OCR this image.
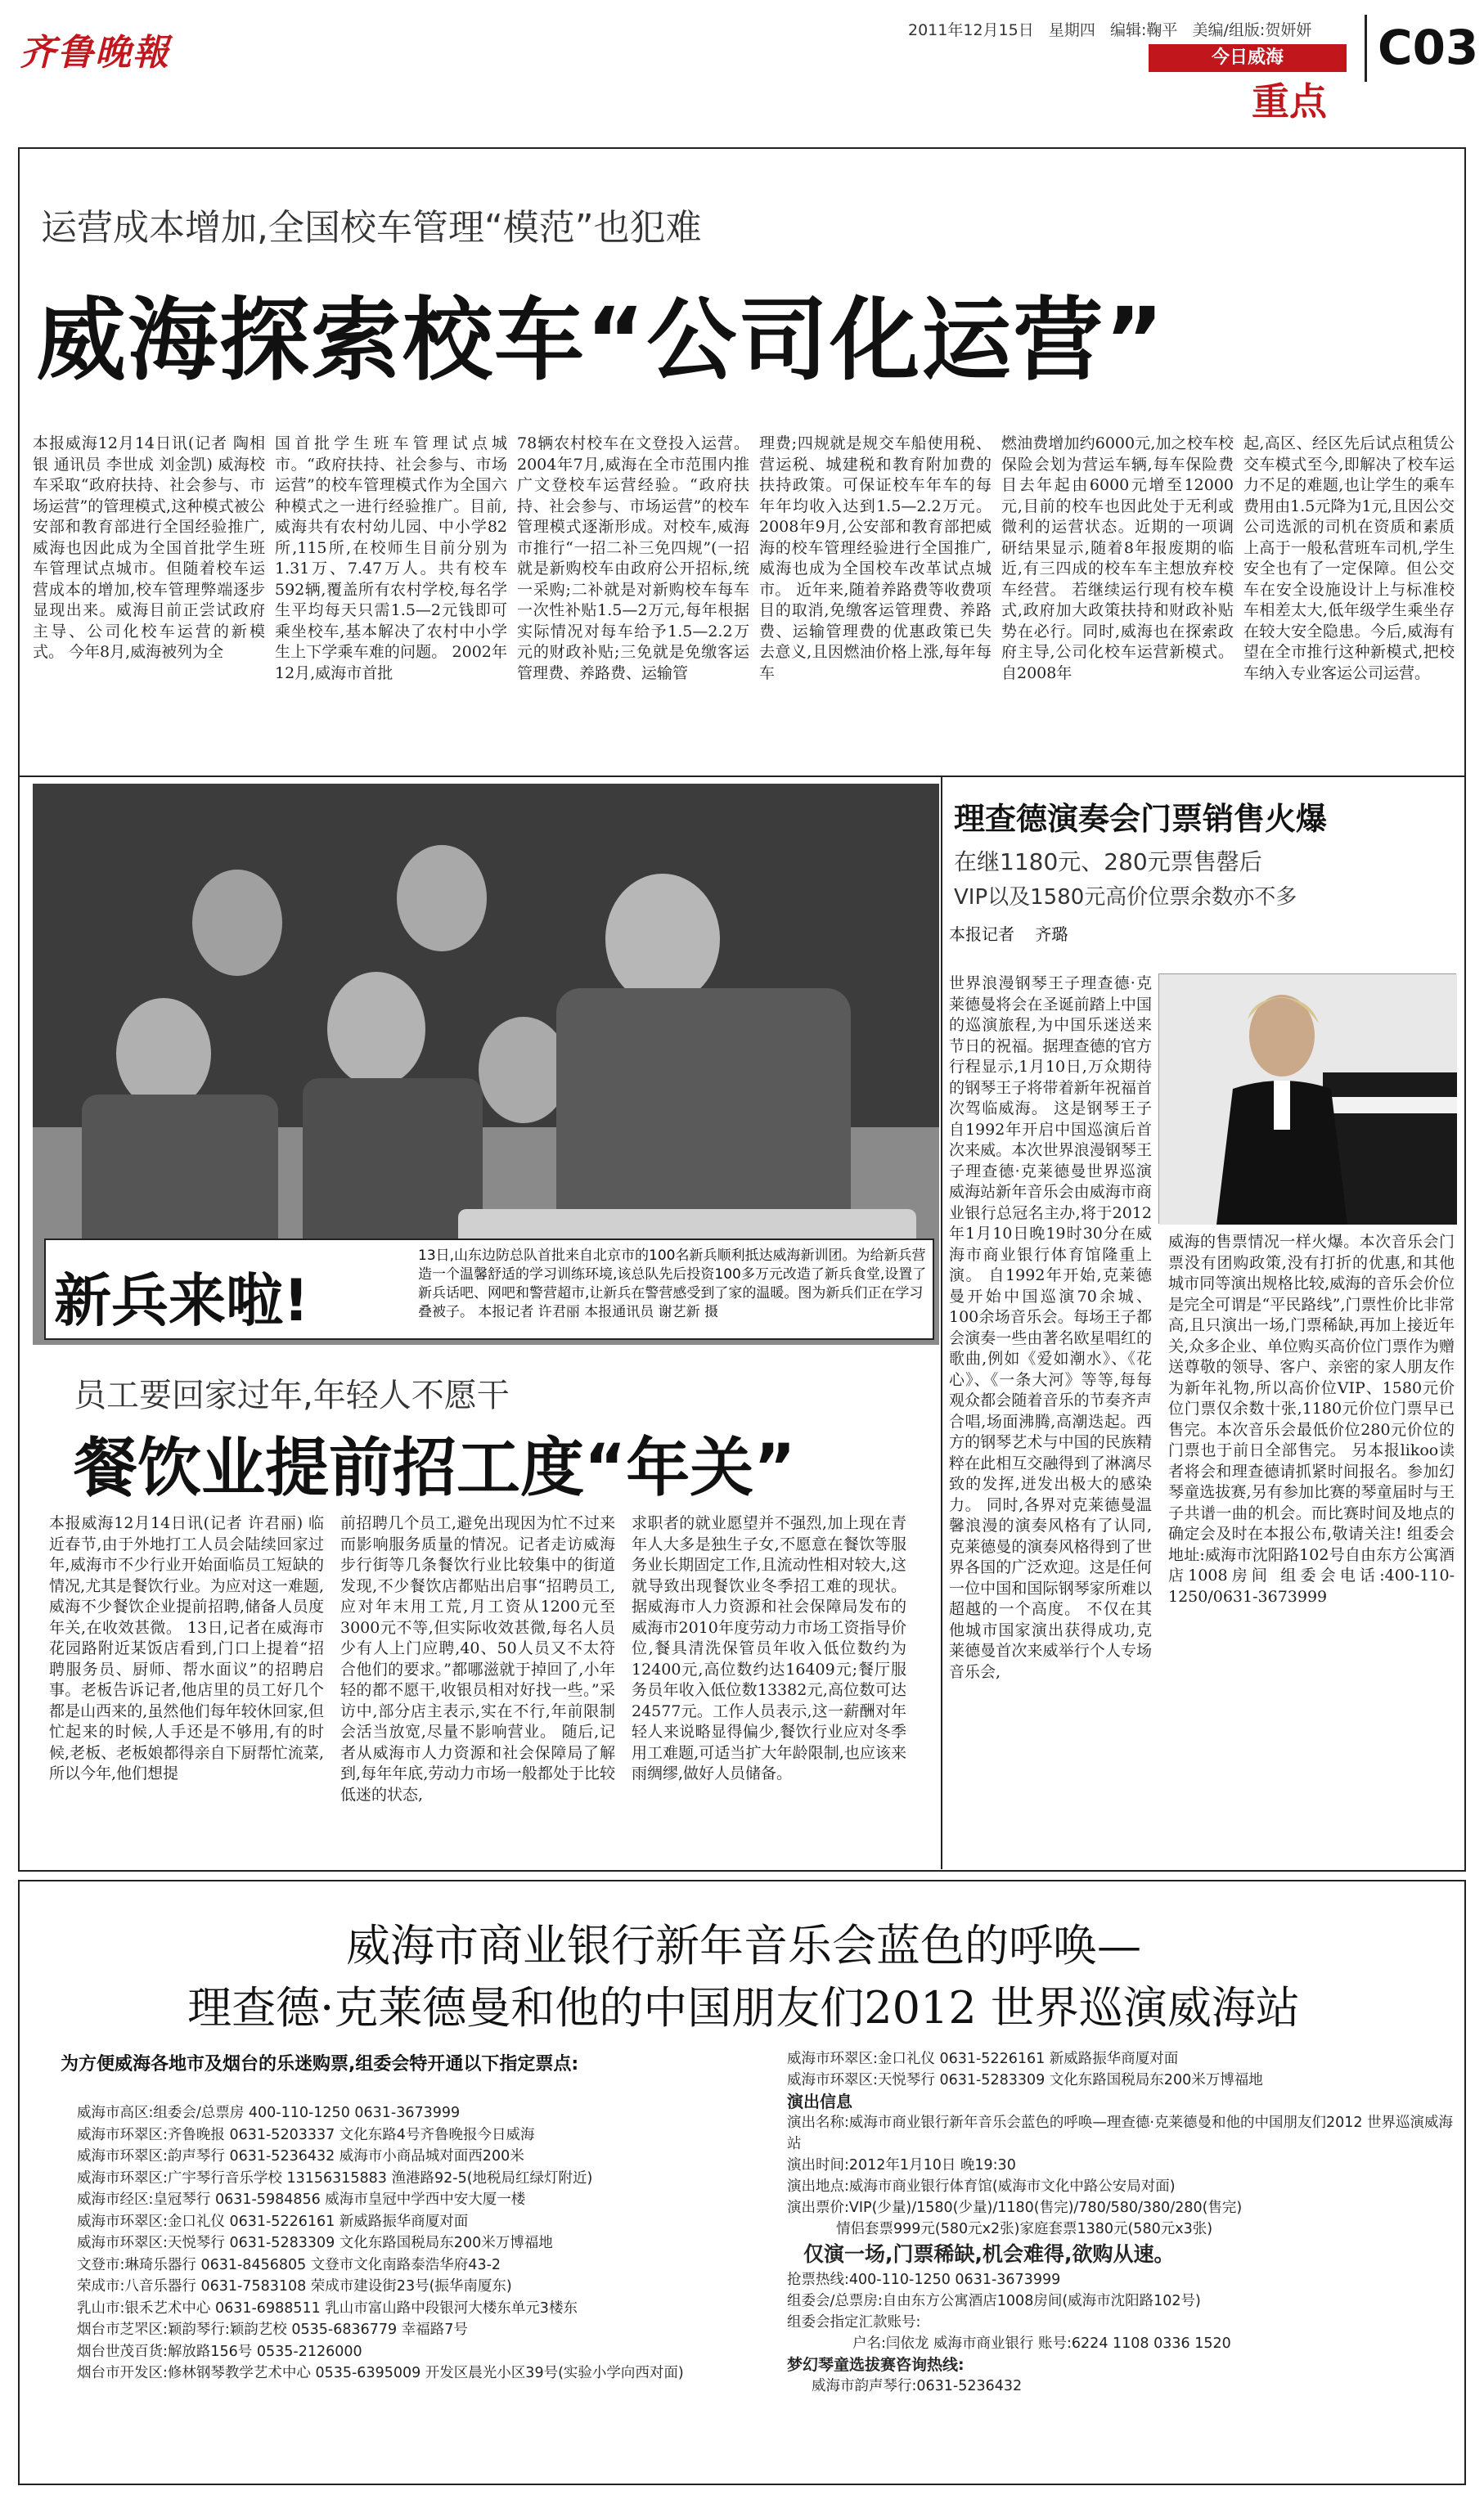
齐鲁晚報
2011年12月15日 星期四 编辑:鞠平 美编/组版:贺妍妍
今日威海
重点
C03
运营成本增加,全国校车管理“模范”也犯难
威海探索校车“公司化运营”
本报威海12月14日讯(记者 陶相银 通讯员 李世成 刘金凯) 威海校车采取“政府扶持、社会参与、市场运营”的管理模式,这种模式被公安部和教育部进行全国经验推广,威海也因此成为全国首批学生班车管理试点城市。但随着校车运营成本的增加,校车管理弊端逐步显现出来。威海目前正尝试政府主导、公司化校车运营的新模式。 今年8月,威海被列为全
国首批学生班车管理试点城市。“政府扶持、社会参与、市场运营”的校车管理模式作为全国六种模式之一进行经验推广。目前,威海共有农村幼儿园、中小学82所,115所,在校师生目前分别为1.31万、7.47万人。共有校车592辆,覆盖所有农村学校,每名学生平均每天只需1.5—2元钱即可乘坐校车,基本解决了农村中小学生上下学乘车难的问题。 2002年12月,威海市首批
78辆农村校车在文登投入运营。2004年7月,威海在全市范围内推广文登校车运营经验。“政府扶持、社会参与、市场运营”的校车管理模式逐渐形成。对校车,威海市推行“一招二补三免四规”(一招就是新购校车由政府公开招标,统一采购;二补就是对新购校车每车一次性补贴1.5—2万元,每年根据实际情况对每车给予1.5—2.2万元的财政补贴;三免就是免缴客运管理费、养路费、运输管
理费;四规就是规交车船使用税、营运税、城建税和教育附加费的扶持政策。可保证校车年车的每年年均收入达到1.5—2.2万元。2008年9月,公安部和教育部把威海的校车管理经验进行全国推广,威海也成为全国校车改革试点城市。 近年来,随着养路费等收费项目的取消,免缴客运管理费、养路费、运输管理费的优惠政策已失去意义,且因燃油价格上涨,每年每车
燃油费增加约6000元,加之校车校保险会划为营运车辆,每车保险费目去年起由6000元增至12000元,目前的校车也因此处于无利或微利的运营状态。近期的一项调研结果显示,随着8年报废期的临近,有三四成的校车车主想放弃校车经营。 若继续运行现有校车模式,政府加大政策扶持和财政补贴势在必行。同时,威海也在探索政府主导,公司化校车运营新模式。自2008年
起,高区、经区先后试点租赁公交车模式至今,即解决了校车运力不足的难题,也让学生的乘车费用由1.5元降为1元,且因公交公司选派的司机在资质和素质上高于一般私营班车司机,学生安全也有了一定保障。但公交车在安全设施设计上与标准校车相差太大,低年级学生乘坐存在较大安全隐患。今后,威海有望在全市推行这种新模式,把校车纳入专业客运公司运营。
新兵来啦!
13日,山东边防总队首批来自北京市的100名新兵顺利抵达威海新训团。为给新兵营造一个温馨舒适的学习训练环境,该总队先后投资100多万元改造了新兵食堂,设置了新兵话吧、网吧和警营超市,让新兵在警营感受到了家的温暖。图为新兵们正在学习叠被子。 本报记者 许君丽 本报通讯员 谢艺新 摄
员工要回家过年,年轻人不愿干
餐饮业提前招工度“年关”
本报威海12月14日讯(记者 许君丽) 临近春节,由于外地打工人员会陆续回家过年,威海市不少行业开始面临员工短缺的情况,尤其是餐饮行业。为应对这一难题,威海不少餐饮企业提前招聘,储备人员度年关,在收效甚微。 13日,记者在威海市花园路附近某饭店看到,门口上提着“招聘服务员、厨师、帮水面议”的招聘启事。老板告诉记者,他店里的员工好几个都是山西来的,虽然他们每年较休回家,但忙起来的时候,人手还是不够用,有的时候,老板、老板娘都得亲自下厨帮忙流菜,所以今年,他们想提
前招聘几个员工,避免出现因为忙不过来而影响服务质量的情况。记者走访威海步行街等几条餐饮行业比较集中的街道发现,不少餐饮店都贴出启事“招聘员工,应对年末用工荒,月工资从1200元至3000元不等,但实际收效甚微,每名人员少有人上门应聘,40、50人员又不太符合他们的要求。”都哪滋就于掉回了,小年轻的都不愿干,收银员相对好找一些。”采访中,部分店主表示,实在不行,年前限制会活当放宽,尽量不影响营业。 随后,记者从威海市人力资源和社会保障局了解到,每年年底,劳动力市场一般都处于比较低迷的状态,
求职者的就业愿望并不强烈,加上现在青年人大多是独生子女,不愿意在餐饮等服务业长期固定工作,且流动性相对较大,这就导致出现餐饮业冬季招工难的现状。 据威海市人力资源和社会保障局发布的威海市2010年度劳动力市场工资指导价位,餐具清洗保管员年收入低位数约为12400元,高位数约达16409元;餐厅服务员年收入低位数13382元,高位数可达24577元。工作人员表示,这一薪酬对年轻人来说略显得偏少,餐饮行业应对冬季用工难题,可适当扩大年龄限制,也应该来雨绸缪,做好人员储备。
理查德演奏会门票销售火爆
在继1180元、280元票售罄后
VIP以及1580元高价位票余数亦不多
本报记者    齐璐
世界浪漫钢琴王子理查德·克莱德曼将会在圣诞前踏上中国的巡演旅程,为中国乐迷送来节日的祝福。据理查德的官方行程显示,1月10日,万众期待的钢琴王子将带着新年祝福首次驾临威海。 这是钢琴王子自1992年开启中国巡演后首次来威。本次世界浪漫钢琴王子理查德·克莱德曼世界巡演威海站新年音乐会由威海市商业银行总冠名主办,将于2012年1月10日晚19时30分在威海市商业银行体育馆隆重上演。 自1992年开始,克莱德曼开始中国巡演70余城、100余场音乐会。每场王子都会演奏一些由著名欧星唱红的歌曲,例如《爱如潮水》、《花心》、《一条大河》等等,每每观众都会随着音乐的节奏齐声合唱,场面沸腾,高潮迭起。西方的钢琴艺术与中国的民族精粹在此相互交融得到了淋漓尽致的发挥,迸发出极大的感染力。 同时,各界对克莱德曼温馨浪漫的演奏风格有了认同,克莱德曼的演奏风格得到了世界各国的广泛欢迎。这是任何一位中国和国际钢琴家所难以超越的一个高度。 不仅在其他城市国家演出获得成功,克莱德曼首次来威举行个人专场音乐会,
威海的售票情况一样火爆。本次音乐会门票没有团购政策,没有打折的优惠,和其他城市同等演出规格比较,威海的音乐会价位是完全可谓是“平民路线”,门票性价比非常高,且只演出一场,门票稀缺,再加上接近年关,众多企业、单位购买高价位门票作为赠送尊敬的领导、客户、亲密的家人朋友作为新年礼物,所以高价位VIP、1580元价位门票仅余数十张,1180元价位门票早已售完。本次音乐会最低价位280元价位的门票也于前日全部售完。 另本报likoo读者将会和理查德请抓紧时间报名。参加幻琴童选拔赛,另有参加比赛的琴童届时与王子共谱一曲的机会。而比赛时间及地点的确定会及时在本报公布,敬请关注! 组委会地址:威海市沈阳路102号自由东方公寓酒店1008房间 组委会电话:400-110-1250/0631-3673999
威海市商业银行新年音乐会蓝色的呼唤—
理查德·克莱德曼和他的中国朋友们2012 世界巡演威海站
为方便威海各地市及烟台的乐迷购票,组委会特开通以下指定票点:
威海市高区:组委会/总票房 400-110-1250 0631-3673999
威海市环翠区:齐鲁晚报 0631-5203337 文化东路4号齐鲁晚报今日威海
威海市环翠区:韵声琴行 0631-5236432 威海市小商品城对面西200米
威海市环翠区:广宇琴行音乐学校 13156315883 渔港路92-5(地税局红绿灯附近)
威海市经区:皇冠琴行 0631-5984856 威海市皇冠中学西中安大厦一楼
威海市环翠区:金口礼仪 0631-5226161 新威路振华商厦对面
威海市环翠区:天悦琴行 0631-5283309 文化东路国税局东200米万博福地
文登市:琳琦乐器行 0631-8456805 文登市文化南路泰浩华府43-2
荣成市:八音乐器行 0631-7583108 荣成市建设街23号(振华南厦东)
乳山市:银禾艺术中心 0631-6988511 乳山市富山路中段银河大楼东单元3楼东
烟台市芝罘区:颖韵琴行:颖韵艺校 0535-6836779 幸福路7号
烟台世茂百货:解放路156号 0535-2126000
烟台市开发区:修林钢琴教学艺术中心 0535-6395009 开发区晨光小区39号(实验小学向西对面)
威海市环翠区:金口礼仪 0631-5226161 新威路振华商厦对面
威海市环翠区:天悦琴行 0631-5283309 文化东路国税局东200米万博福地
演出信息
演出名称:威海市商业银行新年音乐会蓝色的呼唤—理查德·克莱德曼和他的中国朋友们2012 世界巡演威海站
演出时间:2012年1月10日 晚19:30
演出地点:威海市商业银行体育馆(威海市文化中路公安局对面)
演出票价:VIP(少量)/1580(少量)/1180(售完)/780/580/380/280(售完)
情侣套票999元(580元x2张)家庭套票1380元(580元x3张)
仅演一场,门票稀缺,机会难得,欲购从速。
抢票热线:400-110-1250 0631-3673999
组委会/总票房:自由东方公寓酒店1008房间(威海市沈阳路102号)
组委会指定汇款账号:
户名:闫依龙 威海市商业银行 账号:6224 1108 0336 1520
梦幻琴童选拔赛咨询热线:
威海市韵声琴行:0631-5236432
